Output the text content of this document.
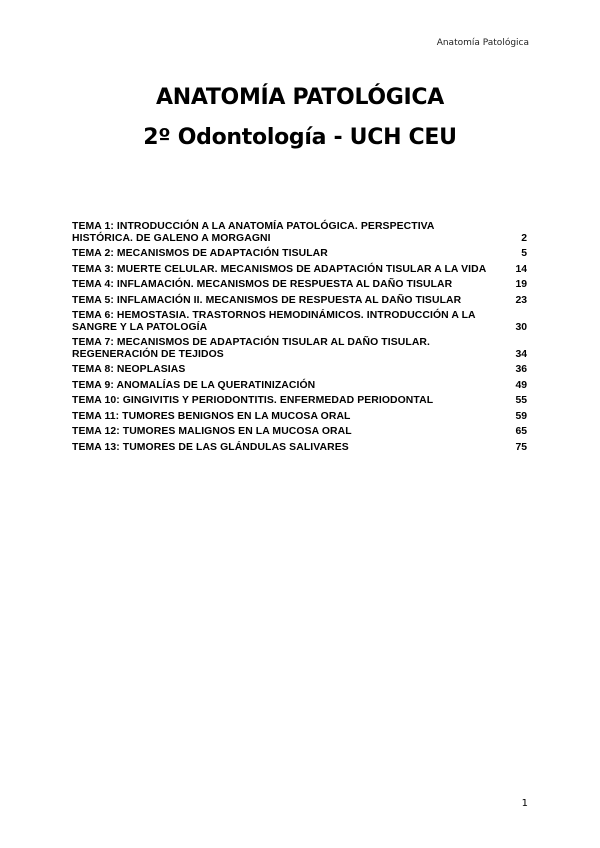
Anatomía Patológica
ANATOMÍA PATOLÓGICA
2º Odontología - UCH CEU
TEMA 1: INTRODUCCIÓN A LA ANATOMÍA PATOLÓGICA. PERSPECTIVA HISTÓRICA. DE GALENO A MORGAGNI	2
TEMA 2: MECANISMOS DE ADAPTACIÓN TISULAR	5
TEMA 3: MUERTE CELULAR. MECANISMOS DE ADAPTACIÓN TISULAR A LA VIDA	14
TEMA 4: INFLAMACIÓN. MECANISMOS DE RESPUESTA AL DAÑO TISULAR	19
TEMA 5: INFLAMACIÓN II. MECANISMOS DE RESPUESTA AL DAÑO TISULAR	23
TEMA 6: HEMOSTASIA. TRASTORNOS HEMODINÁMICOS. INTRODUCCIÓN A LA SANGRE Y LA PATOLOGÍA	30
TEMA 7: MECANISMOS DE ADAPTACIÓN TISULAR AL DAÑO TISULAR. REGENERACIÓN DE TEJIDOS	34
TEMA 8: NEOPLASIAS	36
TEMA 9: ANOMALÍAS DE LA QUERATINIZACIÓN	49
TEMA 10: GINGIVITIS Y PERIODONTITIS. ENFERMEDAD PERIODONTAL	55
TEMA 11: TUMORES BENIGNOS EN LA MUCOSA ORAL	59
TEMA 12: TUMORES MALIGNOS EN LA MUCOSA ORAL	65
TEMA 13: TUMORES DE LAS GLÁNDULAS SALIVARES	75
1
